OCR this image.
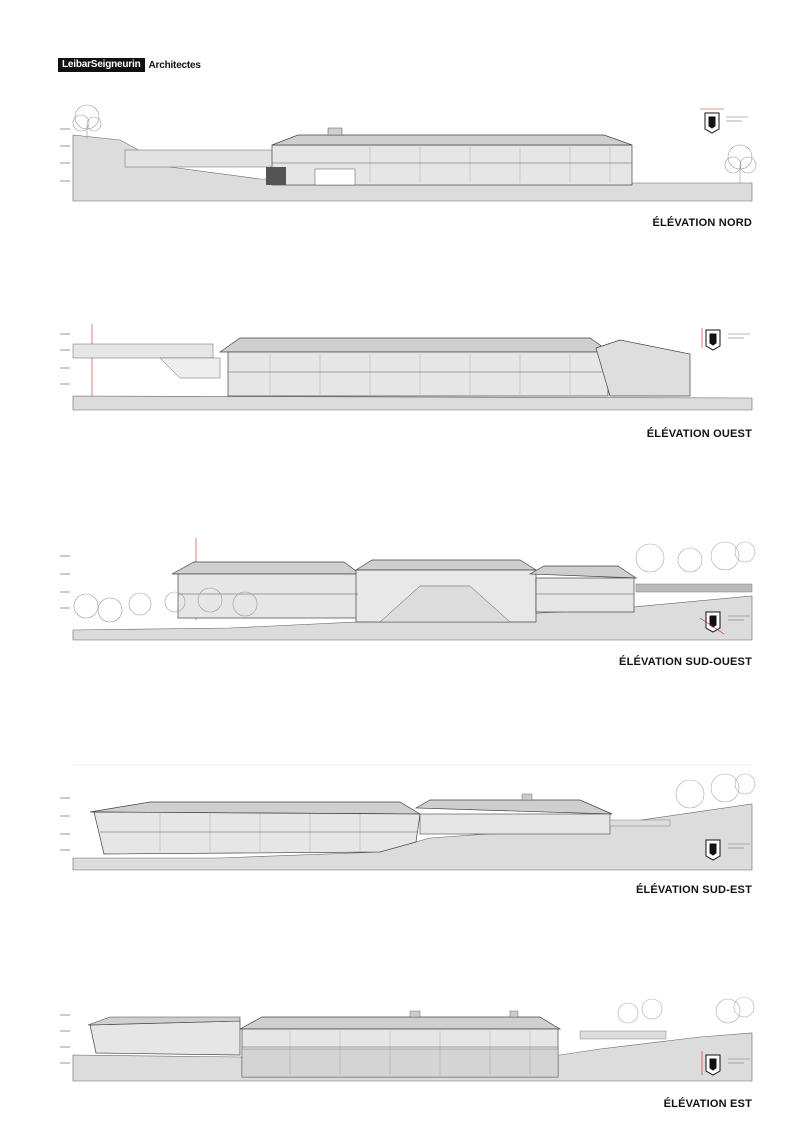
LeibarSeigneurin Architectes
ÉLÉVATION NORD
ÉLÉVATION OUEST
ÉLÉVATION SUD-OUEST
ÉLÉVATION SUD-EST
ÉLÉVATION EST
